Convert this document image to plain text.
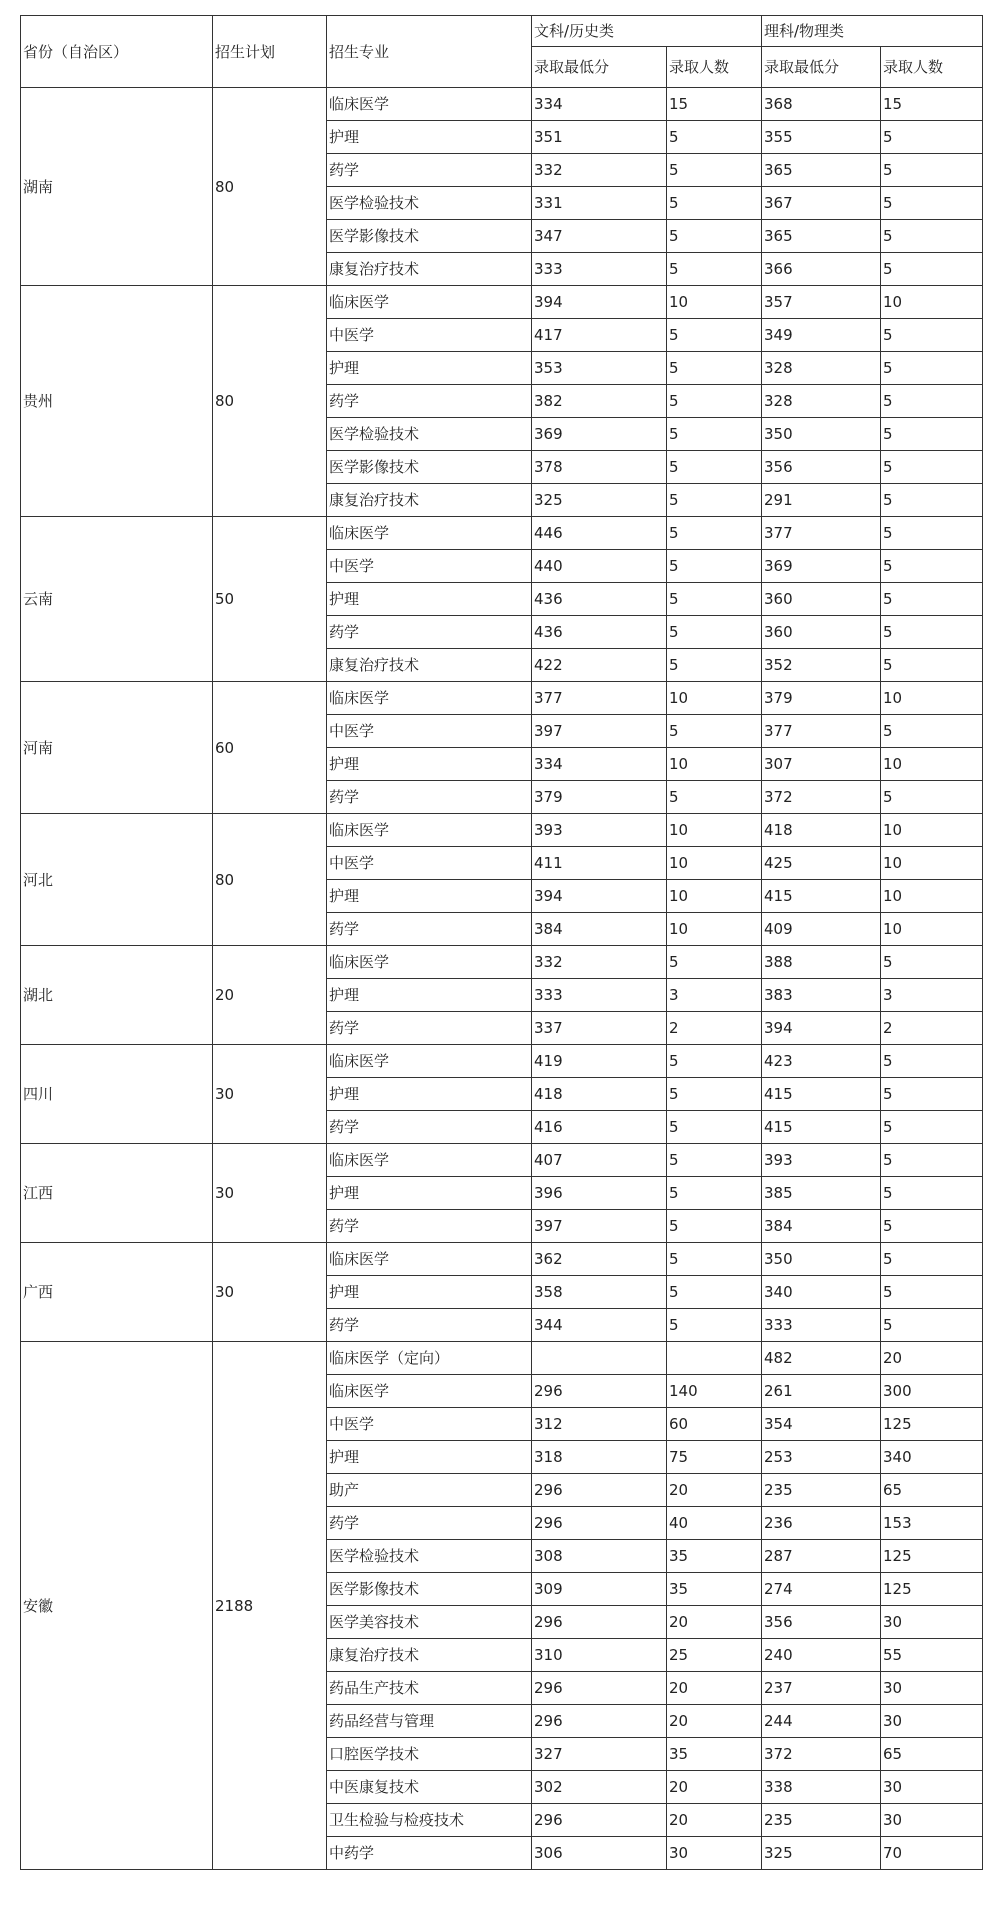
省份（自治区）	招生计划	招生专业	文科/历史类		理科/物理类	
			录取最低分	录取人数	录取最低分	录取人数
湖南	80	临床医学	334	15	368	15
		护理	351	5	355	5
		药学	332	5	365	5
		医学检验技术	331	5	367	5
		医学影像技术	347	5	365	5
		康复治疗技术	333	5	366	5
贵州	80	临床医学	394	10	357	10
		中医学	417	5	349	5
		护理	353	5	328	5
		药学	382	5	328	5
		医学检验技术	369	5	350	5
		医学影像技术	378	5	356	5
		康复治疗技术	325	5	291	5
云南	50	临床医学	446	5	377	5
		中医学	440	5	369	5
		护理	436	5	360	5
		药学	436	5	360	5
		康复治疗技术	422	5	352	5
河南	60	临床医学	377	10	379	10
		中医学	397	5	377	5
		护理	334	10	307	10
		药学	379	5	372	5
河北	80	临床医学	393	10	418	10
		中医学	411	10	425	10
		护理	394	10	415	10
		药学	384	10	409	10
湖北	20	临床医学	332	5	388	5
		护理	333	3	383	3
		药学	337	2	394	2
四川	30	临床医学	419	5	423	5
		护理	418	5	415	5
		药学	416	5	415	5
江西	30	临床医学	407	5	393	5
		护理	396	5	385	5
		药学	397	5	384	5
广西	30	临床医学	362	5	350	5
		护理	358	5	340	5
		药学	344	5	333	5
安徽	2188	临床医学（定向）			482	20
		临床医学	296	140	261	300
		中医学	312	60	354	125
		护理	318	75	253	340
		助产	296	20	235	65
		药学	296	40	236	153
		医学检验技术	308	35	287	125
		医学影像技术	309	35	274	125
		医学美容技术	296	20	356	30
		康复治疗技术	310	25	240	55
		药品生产技术	296	20	237	30
		药品经营与管理	296	20	244	30
		口腔医学技术	327	35	372	65
		中医康复技术	302	20	338	30
		卫生检验与检疫技术	296	20	235	30
		中药学	306	30	325	70
